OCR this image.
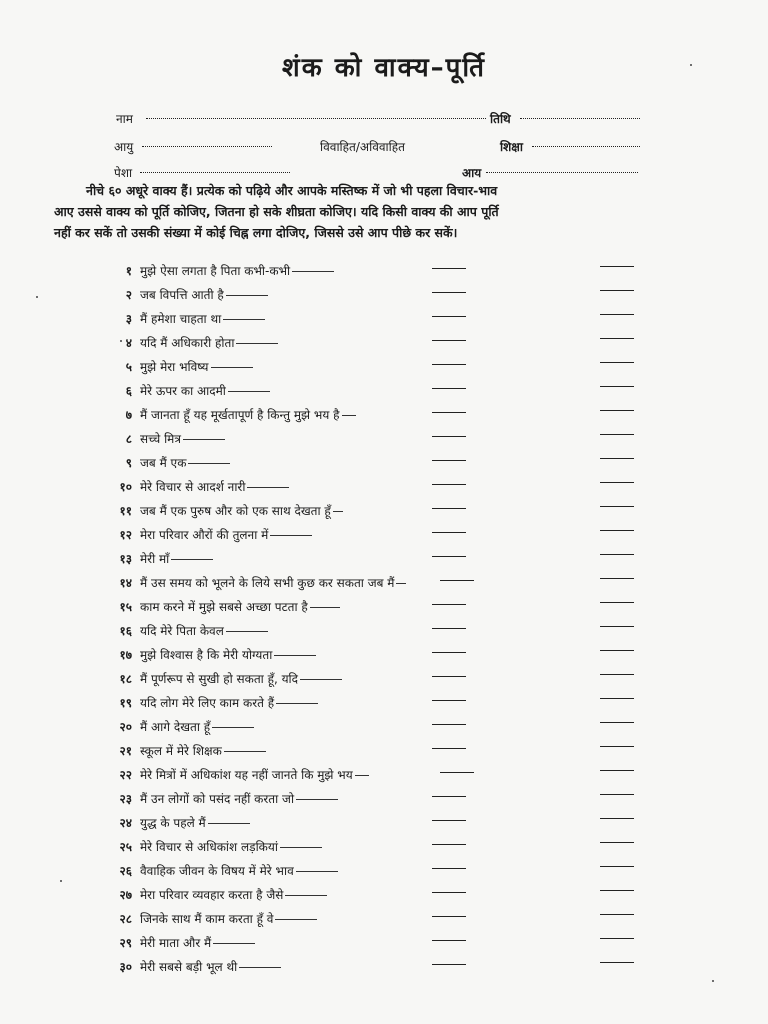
शंक को वाक्य–पूर्ति
नाम	तिथि
आयु	विवाहित/अविवाहित	शिक्षा
पेशा	आय
नीचे ६० अधूरे वाक्य हैं। प्रत्येक को पढ़िये और आपके मस्तिष्क में जो भी पहला विचार-भाव
आए उससे वाक्य को पूर्ति कोजिए, जितना हो सके शीघ्रता कोजिए। यदि किसी वाक्य की आप पूर्ति
नहीं कर सकें तो उसकी संख्या में कोई चिह्न लगा दोजिए, जिससे उसे आप पीछे कर सकें।
१ मुझे ऐसा लगता है पिता कभी-कभी
२ जब विपत्ति आती है
३ मैं हमेशा चाहता था
४ यदि मैं अधिकारी होता
५ मुझे मेरा भविष्य
६ मेरे ऊपर का आदमी
७ मैं जानता हूँ यह मूर्खतापूर्ण है किन्तु मुझे भय है
८ सच्चे मित्र
९ जब मैं एक
१० मेरे विचार से आदर्श नारी
११ जब मैं एक पुरुष और को एक साथ देखता हूँ
१२ मेरा परिवार औरों की तुलना में
१३ मेरी माँ
१४ मैं उस समय को भूलने के लिये सभी कुछ कर सकता जब मैं
१५ काम करने में मुझे सबसे अच्छा पटता है
१६ यदि मेरे पिता केवल
१७ मुझे विश्वास है कि मेरी योग्यता
१८ मैं पूर्णरूप से सुखी हो सकता हूँ, यदि
१९ यदि लोग मेरे लिए काम करते हैं
२० मैं आगे देखता हूँ
२१ स्कूल में मेरे शिक्षक
२२ मेरे मित्रों में अधिकांश यह नहीं जानते कि मुझे भय
२३ मैं उन लोगों को पसंद नहीं करता जो
२४ युद्ध के पहले मैं
२५ मेरे विचार से अधिकांश लड़कियां
२६ वैवाहिक जीवन के विषय में मेरे भाव
२७ मेरा परिवार व्यवहार करता है जैसे
२८ जिनके साथ मैं काम करता हूँ वे
२९ मेरी माता और मैं
३० मेरी सबसे बड़ी भूल थी
